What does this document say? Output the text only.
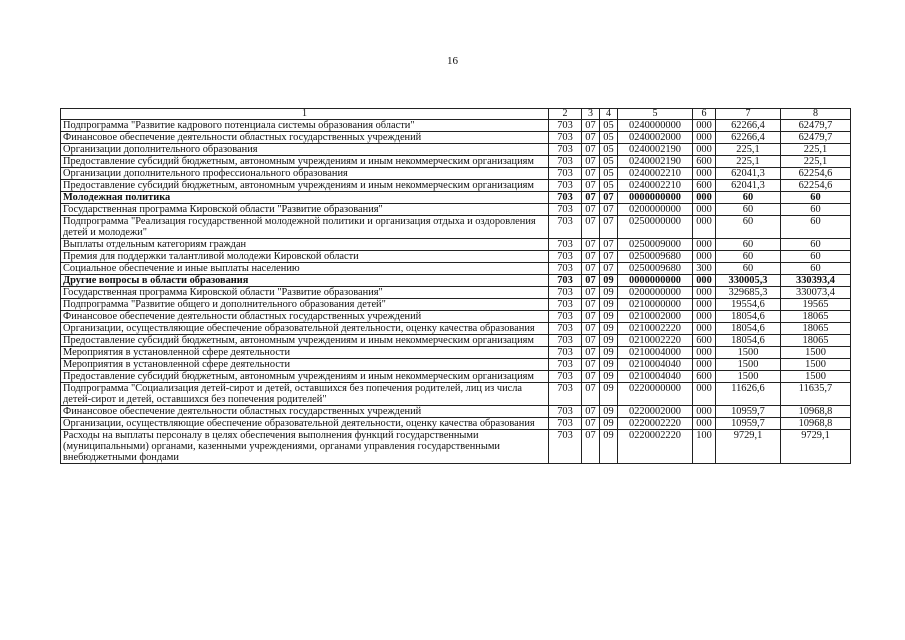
16
1	2	3	4	5	6	7	8
Подпрограмма "Развитие кадрового потенциала системы образования области"	703	07	05	0240000000	000	62266,4	62479,7
Финансовое обеспечение деятельности областных государственных учреждений	703	07	05	0240002000	000	62266,4	62479,7
Организации дополнительного образования	703	07	05	0240002190	000	225,1	225,1
Предоставление субсидий бюджетным, автономным учреждениям и иным некоммерческим организациям	703	07	05	0240002190	600	225,1	225,1
Организации дополнительного профессионального образования	703	07	05	0240002210	000	62041,3	62254,6
Предоставление субсидий бюджетным, автономным учреждениям и иным некоммерческим организациям	703	07	05	0240002210	600	62041,3	62254,6
Молодежная политика	703	07	07	0000000000	000	60	60
Государственная программа Кировской области "Развитие образования"	703	07	07	0200000000	000	60	60
Подпрограмма "Реализация государственной молодежной политики и организация отдыха и оздоровления детей и молодежи"	703	07	07	0250000000	000	60	60
Выплаты отдельным категориям граждан	703	07	07	0250009000	000	60	60
Премия для поддержки талантливой молодежи Кировской области	703	07	07	0250009680	000	60	60
Социальное обеспечение и иные выплаты населению	703	07	07	0250009680	300	60	60
Другие вопросы в области образования	703	07	09	0000000000	000	330005,3	330393,4
Государственная программа Кировской области "Развитие образования"	703	07	09	0200000000	000	329685,3	330073,4
Подпрограмма "Развитие общего и дополнительного образования детей"	703	07	09	0210000000	000	19554,6	19565
Финансовое обеспечение деятельности областных государственных учреждений	703	07	09	0210002000	000	18054,6	18065
Организации, осуществляющие обеспечение образовательной деятельности, оценку качества образования	703	07	09	0210002220	000	18054,6	18065
Предоставление субсидий бюджетным, автономным учреждениям и иным некоммерческим организациям	703	07	09	0210002220	600	18054,6	18065
Мероприятия в установленной сфере деятельности	703	07	09	0210004000	000	1500	1500
Мероприятия в установленной сфере деятельности	703	07	09	0210004040	000	1500	1500
Предоставление субсидий бюджетным, автономным учреждениям и иным некоммерческим организациям	703	07	09	0210004040	600	1500	1500
Подпрограмма "Социализация детей-сирот и детей, оставшихся без попечения родителей, лиц из числа детей-сирот и детей, оставшихся без попечения родителей"	703	07	09	0220000000	000	11626,6	11635,7
Финансовое обеспечение деятельности областных государственных учреждений	703	07	09	0220002000	000	10959,7	10968,8
Организации, осуществляющие обеспечение образовательной деятельности, оценку качества образования	703	07	09	0220002220	000	10959,7	10968,8
Расходы на выплаты персоналу в целях обеспечения выполнения функций государственными (муниципальными) органами, казенными учреждениями, органами управления государственными внебюджетными фондами	703	07	09	0220002220	100	9729,1	9729,1
